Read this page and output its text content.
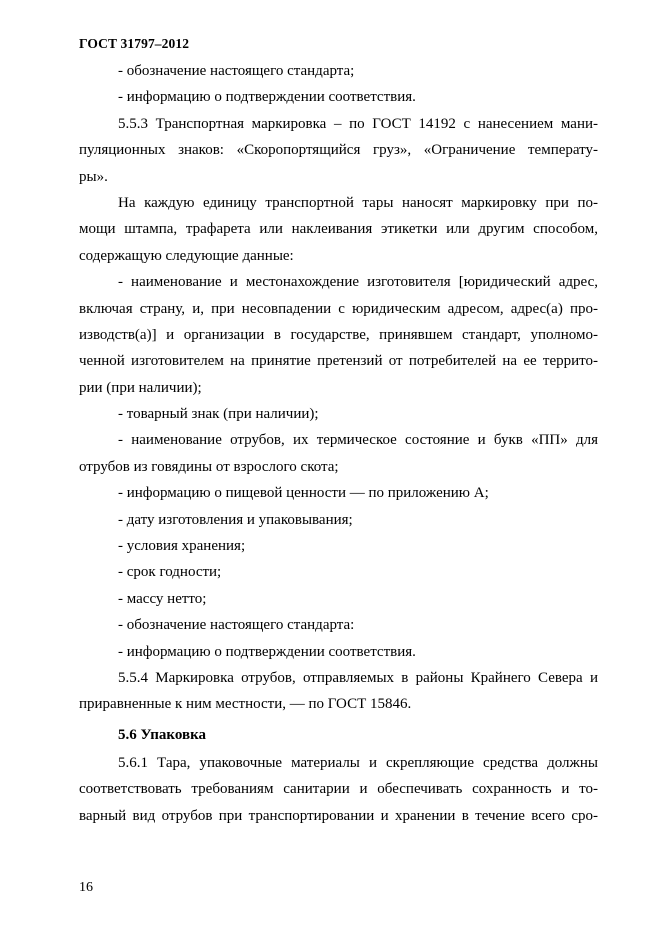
ГОСТ 31797–2012
- обозначение настоящего стандарта;
- информацию о подтверждении соответствия.
5.5.3 Транспортная маркировка – по ГОСТ 14192 с нанесением мани-
пуляционных знаков: «Скоропортящийся груз», «Ограничение температу-
ры».
На каждую единицу транспортной тары наносят маркировку при по-
мощи штампа, трафарета или наклеивания этикетки или другим способом,
содержащую следующие данные:
- наименование и местонахождение изготовителя [юридический адрес,
включая страну, и, при несовпадении с юридическим адресом, адрес(а) про-
изводств(а)] и организации в государстве, принявшем стандарт, уполномо-
ченной изготовителем на принятие претензий от потребителей на ее террито-
рии (при наличии);
- товарный знак (при наличии);
- наименование отрубов, их термическое состояние и букв «ПП» для
отрубов из говядины от взрослого скота;
- информацию о пищевой ценности — по приложению А;
- дату изготовления и упаковывания;
- условия хранения;
- срок годности;
- массу нетто;
- обозначение настоящего стандарта:
- информацию о подтверждении соответствия.
5.5.4 Маркировка отрубов, отправляемых в районы Крайнего Севера и
приравненные к ним местности, — по ГОСТ 15846.
5.6 Упаковка
5.6.1 Тара, упаковочные материалы и скрепляющие средства должны
соответствовать требованиям санитарии и обеспечивать сохранность и то-
варный вид отрубов при транспортировании и хранении в течение всего сро-
16
